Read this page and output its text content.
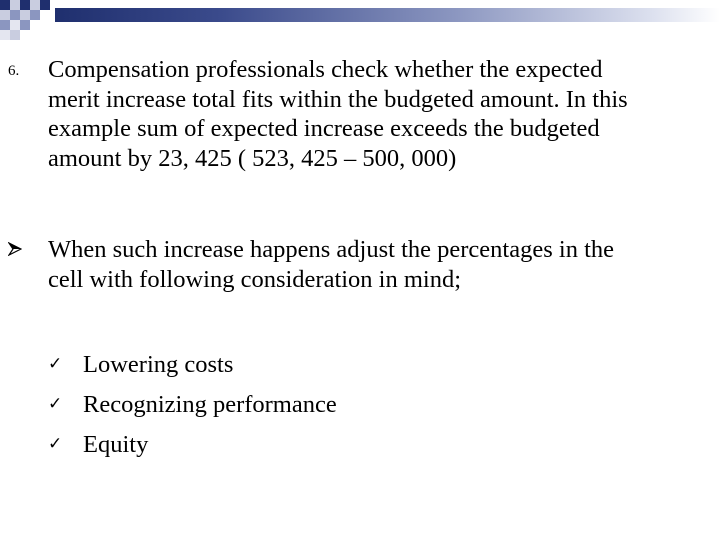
6. Compensation professionals check whether the expected
merit increase total fits within the budgeted amount. In this
example sum of expected increase exceeds the budgeted
amount by 23, 425 ( 523, 425 – 500, 000)
When such increase happens adjust the percentages in the
cell with following consideration in mind;
✓ Lowering costs
✓ Recognizing performance
✓ Equity
